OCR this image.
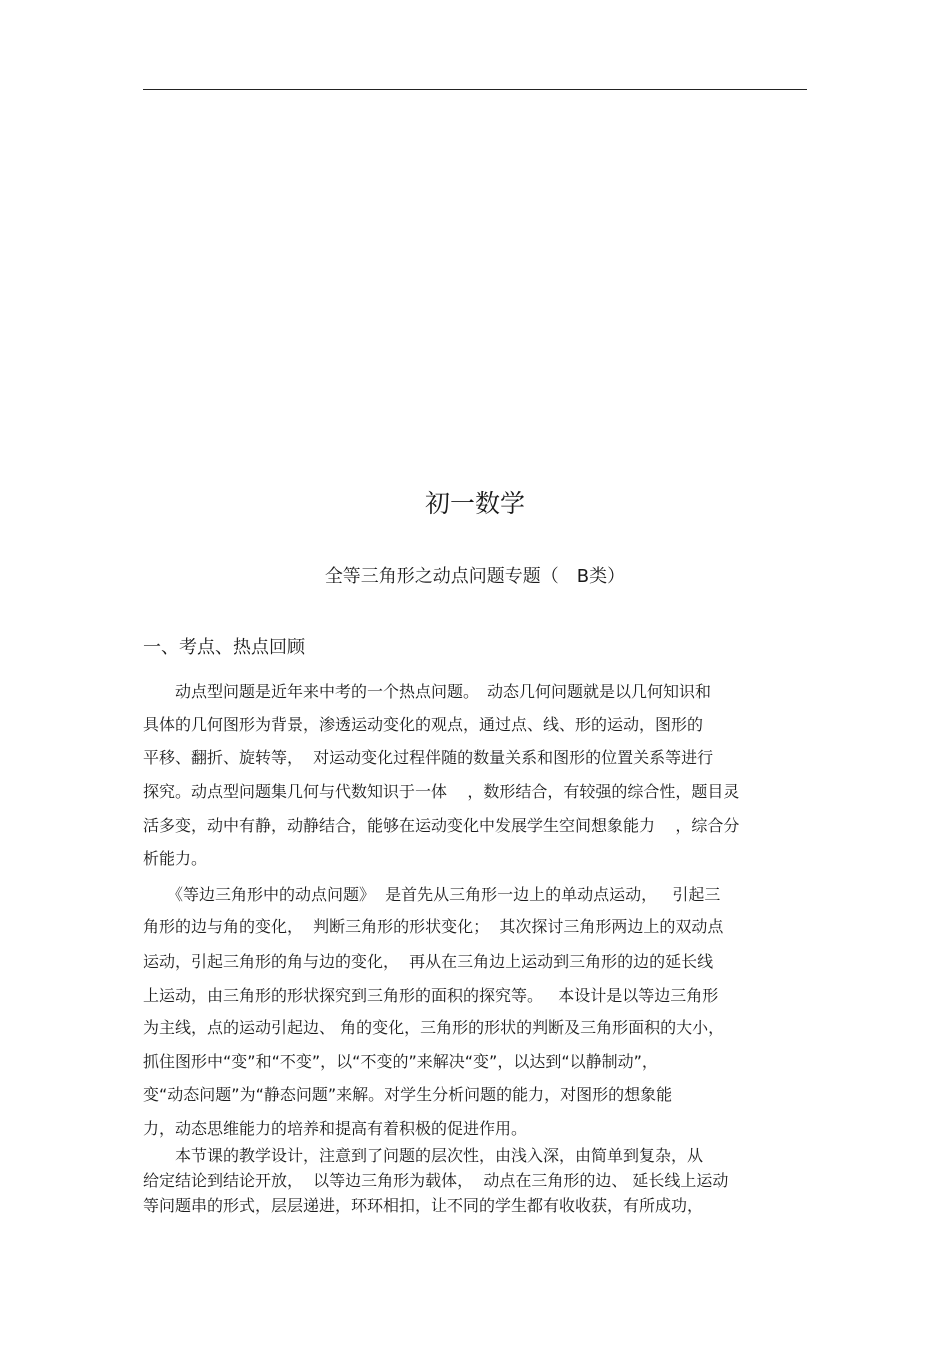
初一数学
全等三角形之动点问题专题（　B类）
一、考点、热点回顾
　　动点型问题是近年来中考的一个热点问题。　动态几何问题就是以几何知识和
具体的几何图形为背景，渗透运动变化的观点，通过点、线、形的运动，图形的
平移、翻折、旋转等，  对运动变化过程伴随的数量关系和图形的位置关系等进行
探究。动点型问题集几何与代数知识于一体    ，数形结合，有较强的综合性，题目灵
活多变，动中有静，动静结合，能够在运动变化中发展学生空间想象能力    ，综合分
析能力。
　　《等边三角形中的动点问题》  是首先从三角形一边上的单动点运动，   引起三
角形的边与角的变化，  判断三角形的形状变化；  其次探讨三角形两边上的双动点
运动，引起三角形的角与边的变化，  再从在三角边上运动到三角形的边的延长线
上运动，由三角形的形状探究到三角形的面积的探究等。   本设计是以等边三角形
为主线，点的运动引起边、 角的变化，三角形的形状的判断及三角形面积的大小，
抓住图形中“变”和“不变”，以“不变的”来解决“变”，以达到“以静制动”，
变“动态问题”为“静态问题”来解。对学生分析问题的能力，对图形的想象能
力，动态思维能力的培养和提高有着积极的促进作用。
　　本节课的教学设计，注意到了问题的层次性，由浅入深，由简单到复杂，从
给定结论到结论开放，  以等边三角形为载体，  动点在三角形的边、 延长线上运动
等问题串的形式，层层递进，环环相扣，让不同的学生都有收收获，有所成功，
